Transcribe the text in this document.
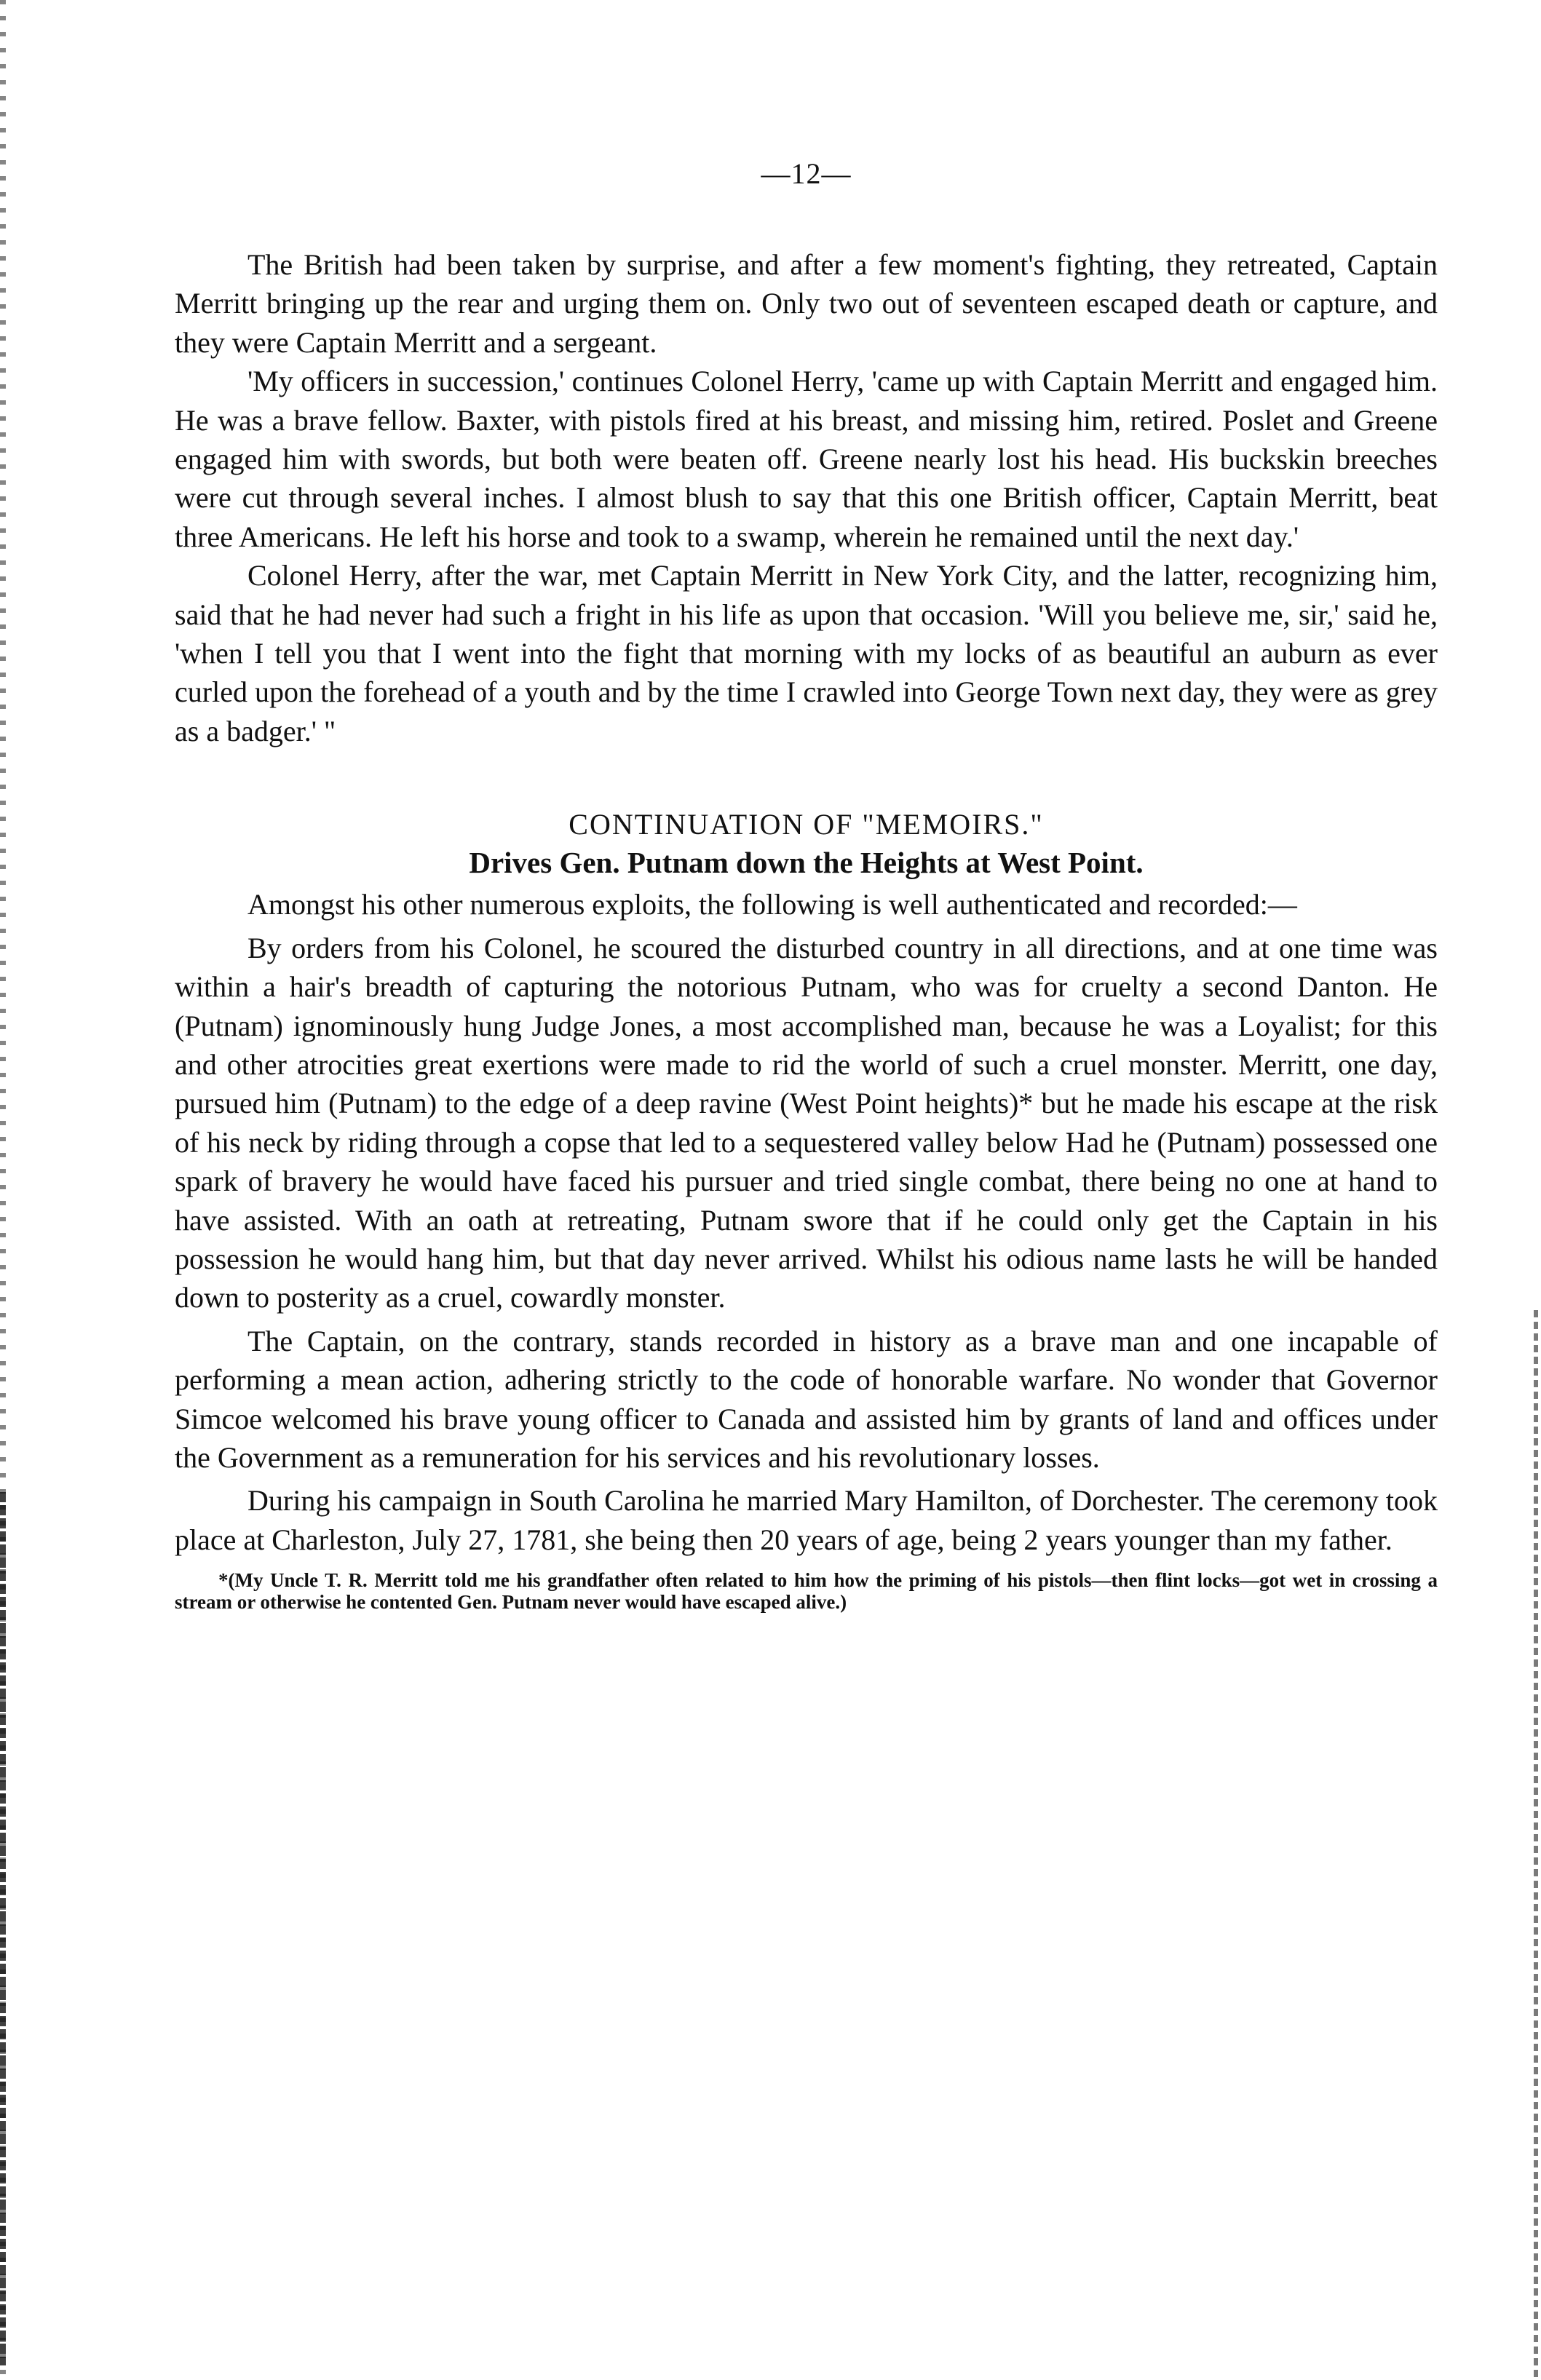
—12—

The British had been taken by surprise, and after a few moment's fighting, they retreated, Captain Merritt bringing up the rear and urging them on. Only two out of seventeen escaped death or capture, and they were Captain Merritt and a sergeant.

'My officers in succession,' continues Colonel Herry, 'came up with Captain Merritt and engaged him. He was a brave fellow. Baxter, with pistols fired at his breast, and missing him, retired. Poslet and Greene engaged him with swords, but both were beaten off. Greene nearly lost his head. His buckskin breeches were cut through several inches. I almost blush to say that this one British officer, Captain Merritt, beat three Americans. He left his horse and took to a swamp, wherein he remained until the next day.'

Colonel Herry, after the war, met Captain Merritt in New York City, and the latter, recognizing him, said that he had never had such a fright in his life as upon that occasion. 'Will you believe me, sir,' said he, 'when I tell you that I went into the fight that morning with my locks of as beautiful an auburn as ever curled upon the forehead of a youth and by the time I crawled into George Town next day, they were as grey as a badger.' "

CONTINUATION OF "MEMOIRS."
Drives Gen. Putnam down the Heights at West Point.

Amongst his other numerous exploits, the following is well authenticated and recorded:—

By orders from his Colonel, he scoured the disturbed country in all directions, and at one time was within a hair's breadth of capturing the notorious Putnam, who was for cruelty a second Danton. He (Putnam) ignominously hung Judge Jones, a most accomplished man, because he was a Loyalist; for this and other atrocities great exertions were made to rid the world of such a cruel monster. Merritt, one day, pursued him (Putnam) to the edge of a deep ravine (West Point heights)* but he made his escape at the risk of his neck by riding through a copse that led to a sequestered valley below Had he (Putnam) possessed one spark of bravery he would have faced his pursuer and tried single combat, there being no one at hand to have assisted. With an oath at retreating, Putnam swore that if he could only get the Captain in his possession he would hang him, but that day never arrived. Whilst his odious name lasts he will be handed down to posterity as a cruel, cowardly monster.

The Captain, on the contrary, stands recorded in history as a brave man and one incapable of performing a mean action, adhering strictly to the code of honorable warfare. No wonder that Governor Simcoe welcomed his brave young officer to Canada and assisted him by grants of land and offices under the Government as a remuneration for his services and his revolutionary losses.

During his campaign in South Carolina he married Mary Hamilton, of Dorchester. The ceremony took place at Charleston, July 27, 1781, she being then 20 years of age, being 2 years younger than my father.

*(My Uncle T. R. Merritt told me his grandfather often related to him how the priming of his pistols—then flint locks—got wet in crossing a stream or otherwise he contented Gen. Putnam never would have escaped alive.)
